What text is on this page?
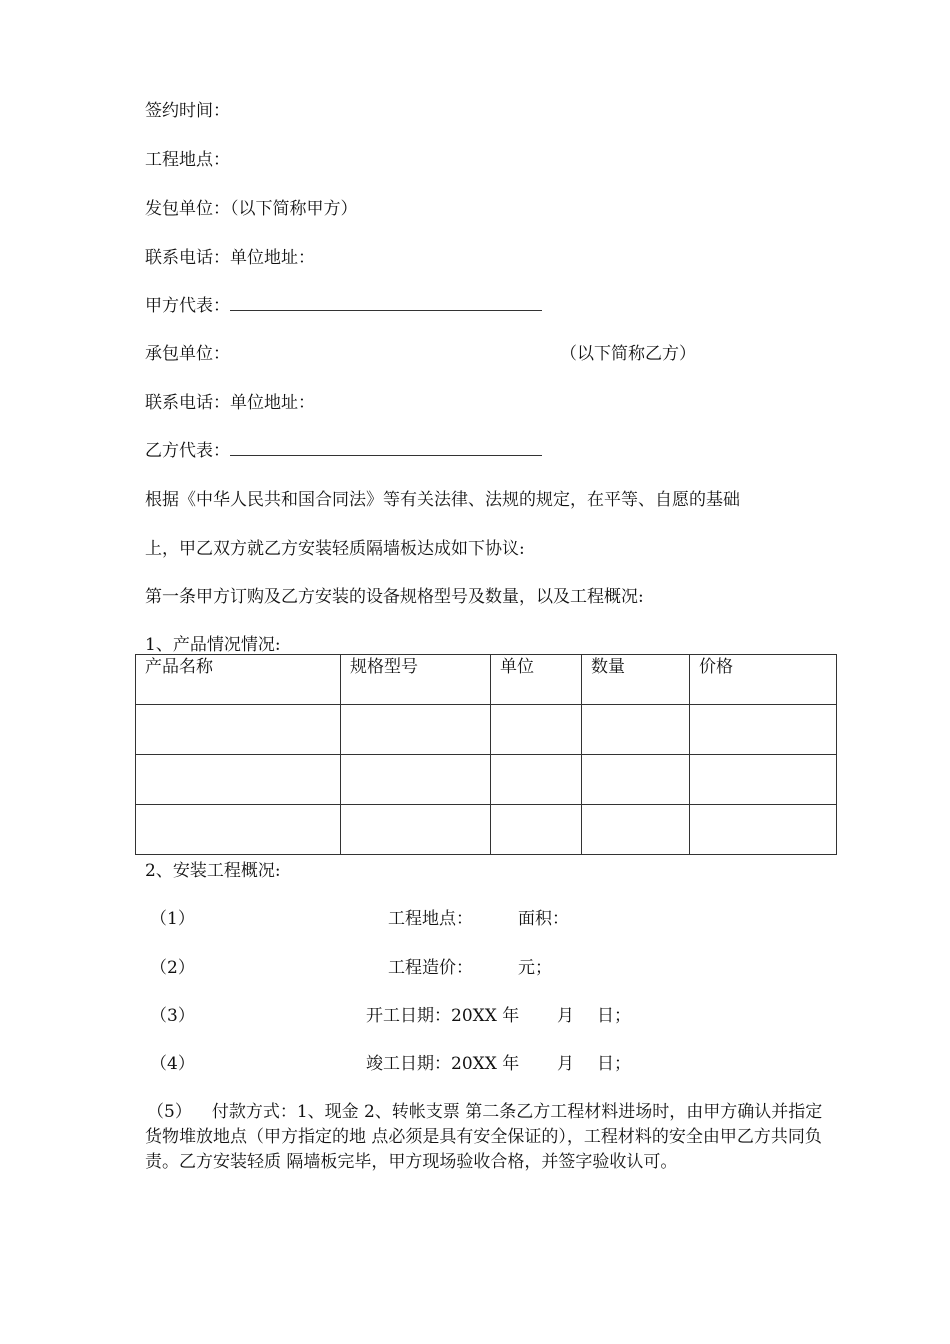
签约时间：
工程地点：
发包单位：（以下简称甲方）
联系电话：单位地址：
甲方代表：
承包单位：	（以下简称乙方）
联系电话：单位地址：
乙方代表：
根据《中华人民共和国合同法》等有关法律、法规的规定，在平等、自愿的基础
上，甲乙双方就乙方安装轻质隔墙板达成如下协议:
第一条甲方订购及乙方安装的设备规格型号及数量，以及工程概况:
1、产品情况情况:
产品名称	规格型号	单位	数量	价格

2、安装工程概况:
（1）	工程地点：	面积：
（2）	工程造价：	元；
（3）	开工日期：20XX 年 月 日；
（4）	竣工日期：20XX 年 月 日；
（5） 付款方式：1、现金 2、转帐支票 第二条乙方工程材料进场时，由甲方确认并指定货物堆放地点（甲方指定的地 点必须是具有安全保证的），工程材料的安全由甲乙方共同负责。乙方安装轻质 隔墙板完毕，甲方现场验收合格，并签字验收认可。
